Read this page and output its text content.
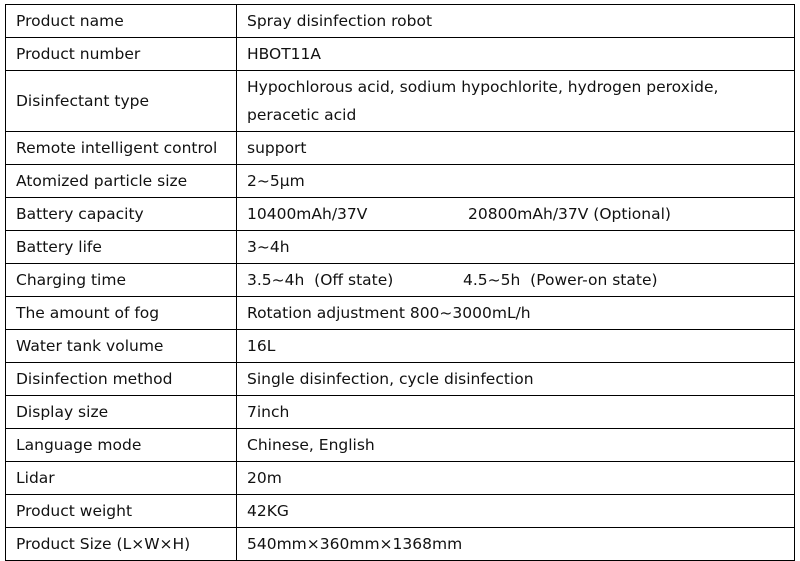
Product name	Spray disinfection robot
Product number	HBOT11A
Disinfectant type	Hypochlorous acid, sodium hypochlorite, hydrogen peroxide, peracetic acid
Remote intelligent control	support
Atomized particle size	2~5μm
Battery capacity	10400mAh/37V 20800mAh/37V (Optional)
Battery life	3~4h
Charging time	3.5~4h  (Off state) 4.5~5h  (Power-on state)
The amount of fog	Rotation adjustment 800~3000mL/h
Water tank volume	16L
Disinfection method	Single disinfection, cycle disinfection
Display size	7inch
Language mode	Chinese, English
Lidar	20m
Product weight	42KG
Product Size (L×W×H)	540mm×360mm×1368mm
